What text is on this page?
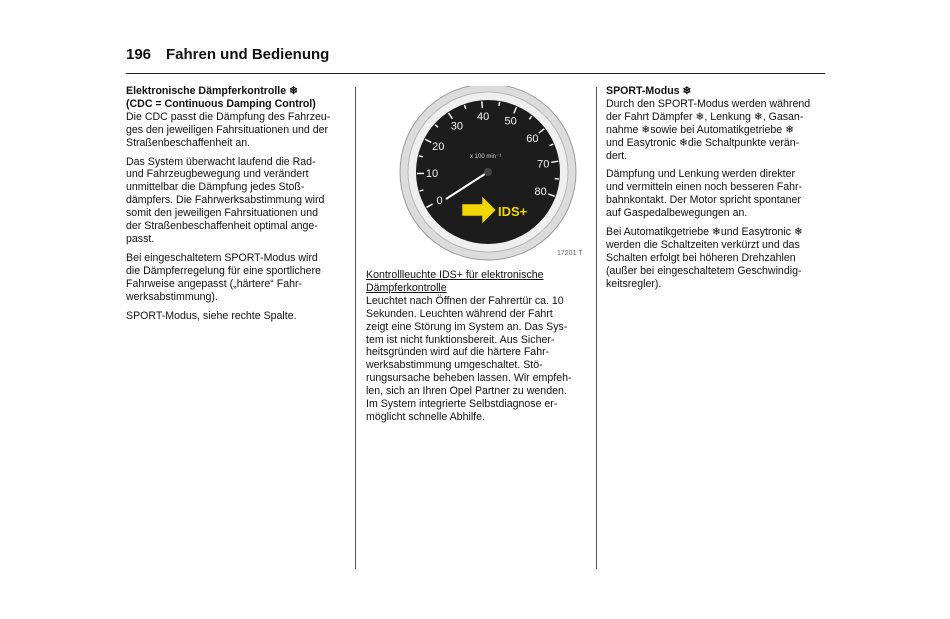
196 Fahren und Bedienung
Elektronische Dämpferkontrolle ❄
(CDC = Continuous Damping Control)

Die CDC passt die Dämpfung des Fahrzeu-
ges den jeweiligen Fahrsituationen und der
Straßenbeschaffenheit an.

Das System überwacht laufend die Rad-
und Fahrzeugbewegung und verändert
unmittelbar die Dämpfung jedes Stoß-
dämpfers. Die Fahrwerksabstimmung wird
somit den jeweiligen Fahrsituationen und
der Straßenbeschaffenheit optimal ange-
passt.

Bei eingeschaltetem SPORT-Modus wird
die Dämpferregelung für eine sportlichere
Fahrweise angepasst („härtere“ Fahr-
werksabstimmung).

SPORT-Modus, siehe rechte Spalte.

0
10
20
30
40 50
60
70
80
x 100 min⁻¹
IDS+
17201 T
Kontrollleuchte IDS+ für elektronische
Dämpferkontrolle

Leuchtet nach Öffnen der Fahrertür ca. 10
Sekunden. Leuchten während der Fahrt
zeigt eine Störung im System an. Das Sys-
tem ist nicht funktionsbereit. Aus Sicher-
heitsgründen wird auf die härtere Fahr-
werksabstimmung umgeschaltet. Stö-
rungsursache beheben lassen. Wir empfeh-
len, sich an Ihren Opel Partner zu wenden.
Im System integrierte Selbstdiagnose er-
möglicht schnelle Abhilfe.

SPORT-Modus ❄

Durch den SPORT-Modus werden während
der Fahrt Dämpfer ❄, Lenkung ❄, Gasan-
nahme ❄sowie bei Automatikgetriebe ❄
und Easytronic ❄die Schaltpunkte verän-
dert.

Dämpfung und Lenkung werden direkter
und vermitteln einen noch besseren Fahr-
bahnkontakt. Der Motor spricht spontaner
auf Gaspedalbewegungen an.

Bei Automatikgetriebe ❄und Easytronic ❄
werden die Schaltzeiten verkürzt und das
Schalten erfolgt bei höheren Drehzahlen
(außer bei eingeschaltetem Geschwindig-
keitsregler).
